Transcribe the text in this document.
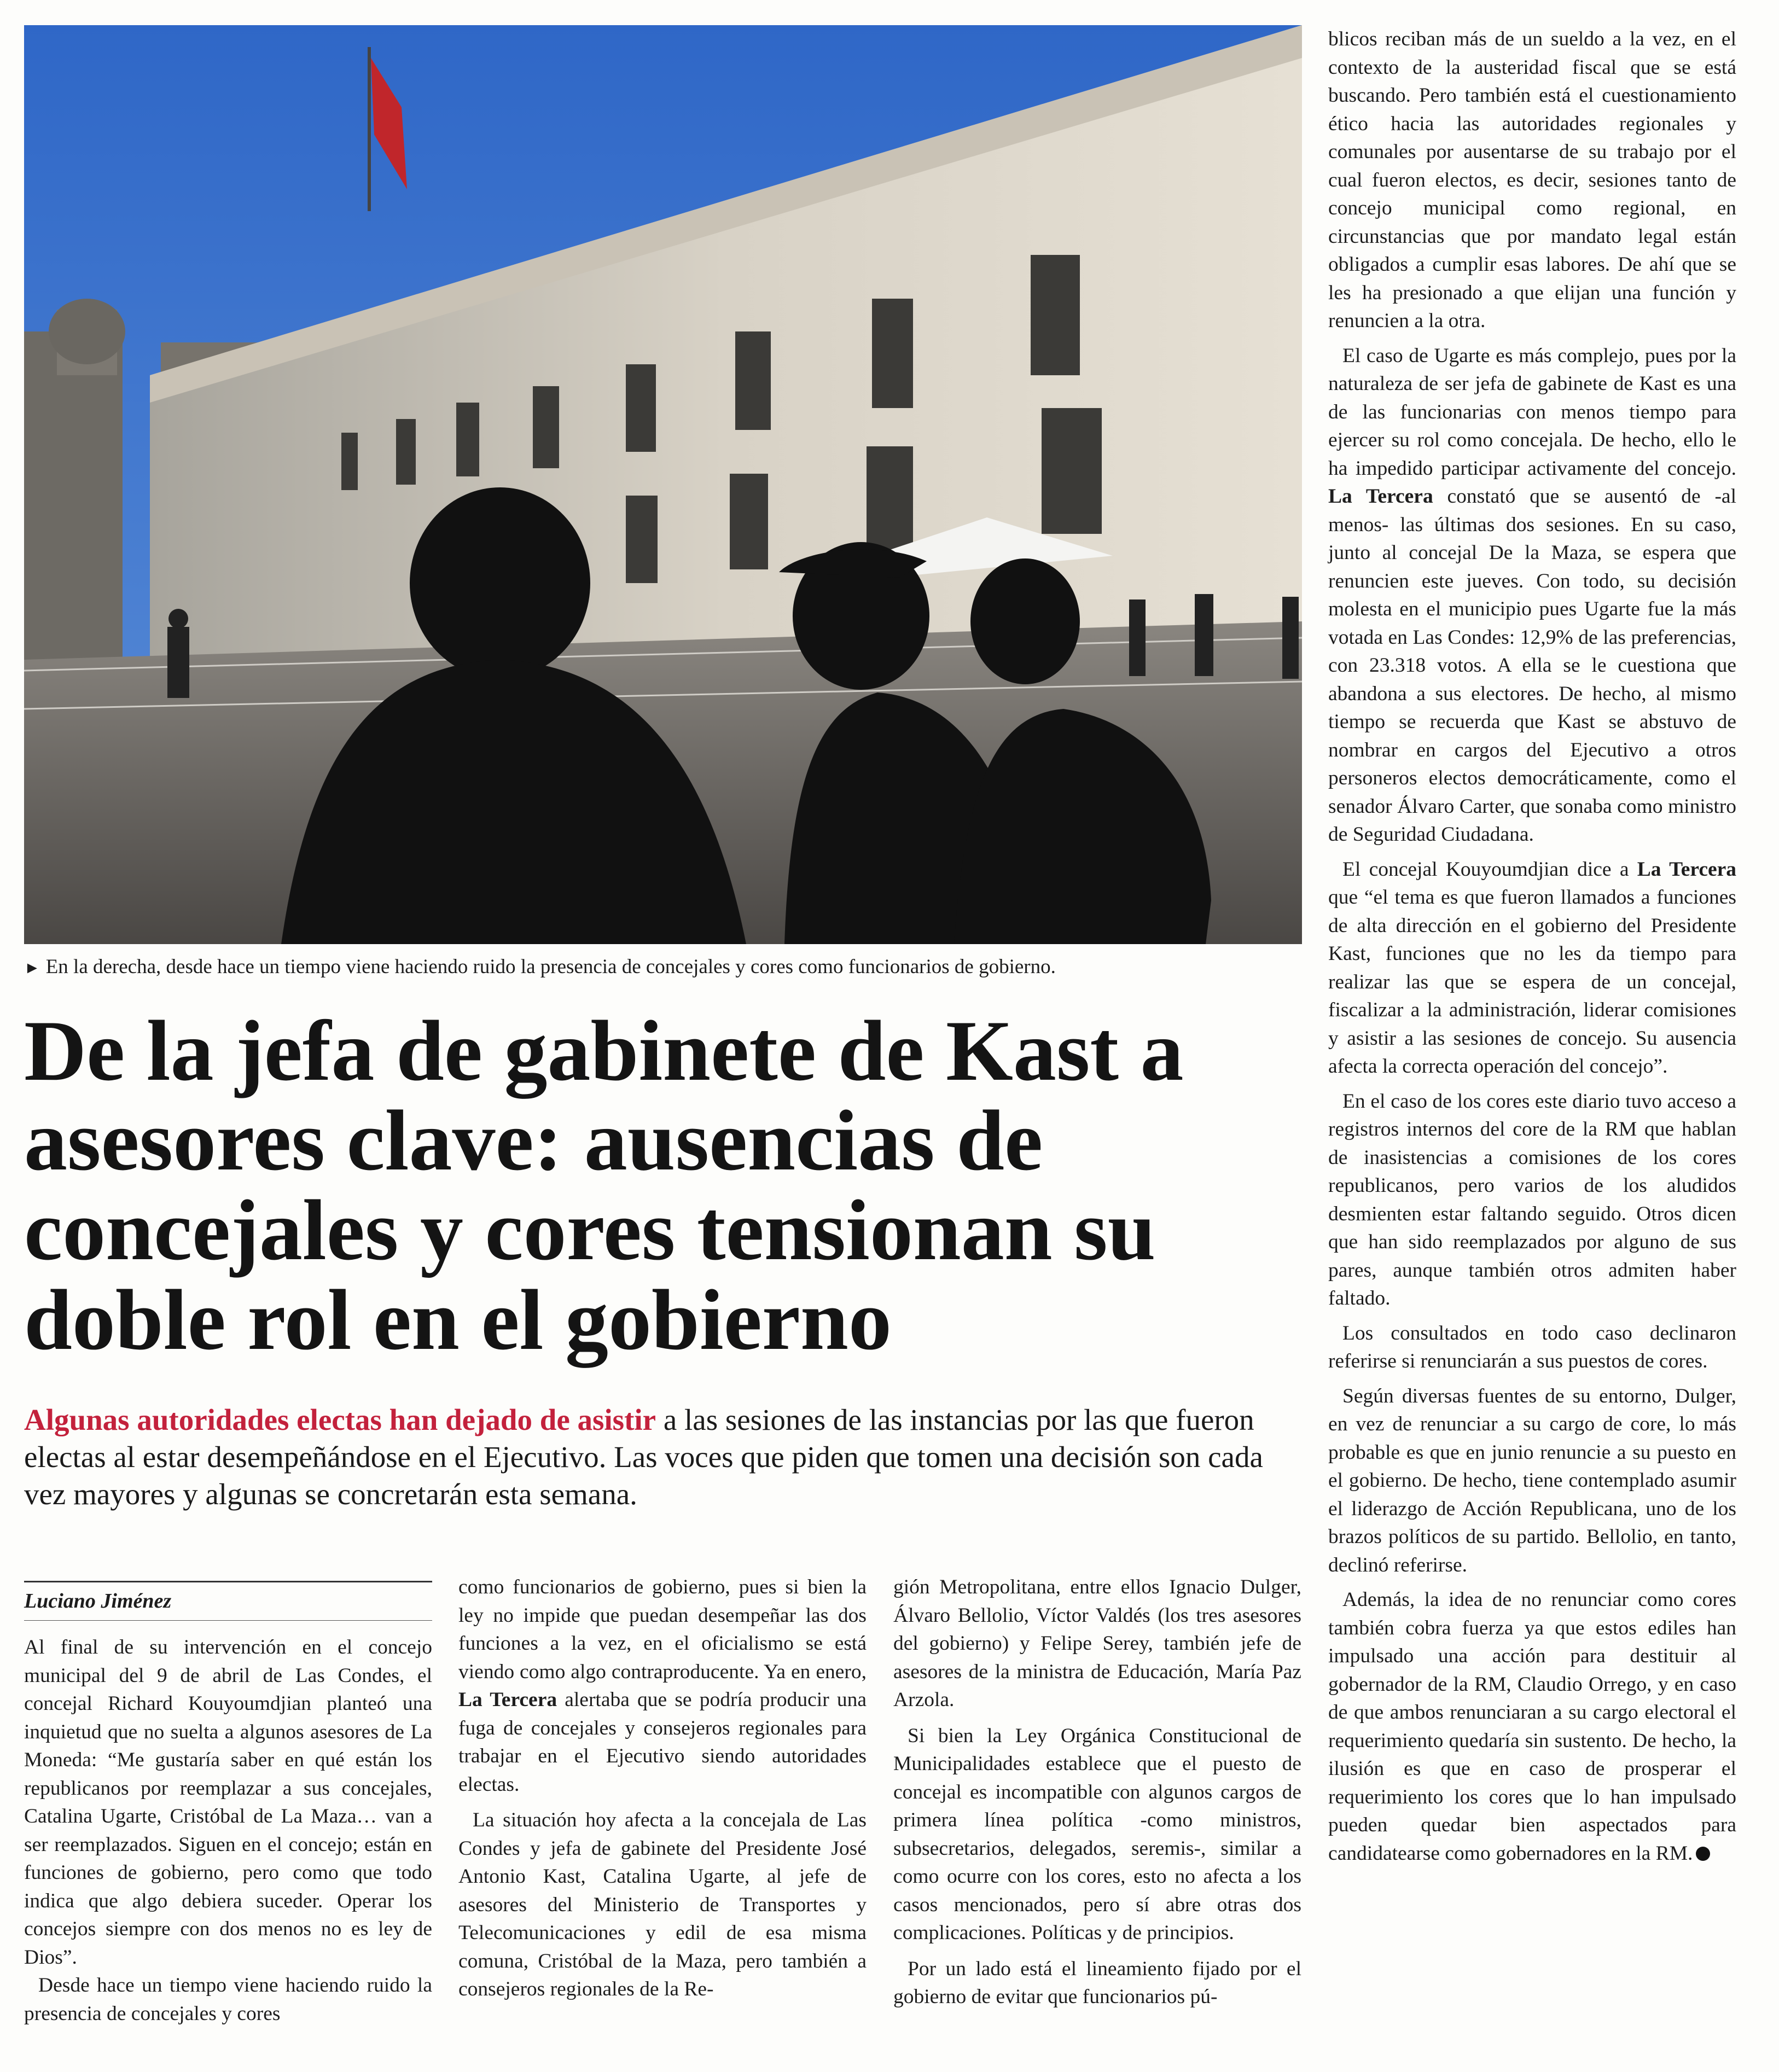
► En la derecha, desde hace un tiempo viene haciendo ruido la presencia de concejales y cores como funcionarios de gobierno.
De la jefa de gabinete de Kast a asesores clave: ausencias de concejales y cores tensionan su doble rol en el gobierno
Algunas autoridades electas han dejado de asistir a las sesiones de las instancias por las que fueron electas al estar desempeñándose en el Ejecutivo. Las voces que piden que tomen una decisión son cada vez mayores y algunas se concretarán esta semana.
Luciano Jiménez

Al final de su intervención en el concejo municipal del 9 de abril de Las Condes, el concejal Richard Kouyoumdjian planteó una inquietud que no suelta a algunos asesores de La Moneda: “Me gustaría saber en qué están los republicanos por reemplazar a sus concejales, Catalina Ugarte, Cristóbal de La Maza… van a ser reemplazados. Siguen en el concejo; están en funciones de gobierno, pero como que todo indica que algo debiera suceder. Operar los concejos siempre con dos menos no es ley de Dios”.

Desde hace un tiempo viene haciendo ruido la presencia de concejales y cores

como funcionarios de gobierno, pues si bien la ley no impide que puedan desempeñar las dos funciones a la vez, en el oficialismo se está viendo como algo contraproducente. Ya en enero, La Tercera alertaba que se podría producir una fuga de concejales y consejeros regionales para trabajar en el Ejecutivo siendo autoridades electas.

La situación hoy afecta a la concejala de Las Condes y jefa de gabinete del Presidente José Antonio Kast, Catalina Ugarte, al jefe de asesores del Ministerio de Transportes y Telecomunicaciones y edil de esa misma comuna, Cristóbal de la Maza, pero también a consejeros regionales de la Re-

gión Metropolitana, entre ellos Ignacio Dulger, Álvaro Bellolio, Víctor Valdés (los tres asesores del gobierno) y Felipe Serey, también jefe de asesores de la ministra de Educación, María Paz Arzola.

Si bien la Ley Orgánica Constitucional de Municipalidades establece que el puesto de concejal es incompatible con algunos cargos de primera línea política -como ministros, subsecretarios, delegados, seremis-, similar a como ocurre con los cores, esto no afecta a los casos mencionados, pero sí abre otras dos complicaciones. Políticas y de principios.

Por un lado está el lineamiento fijado por el gobierno de evitar que funcionarios pú-

blicos reciban más de un sueldo a la vez, en el contexto de la austeridad fiscal que se está buscando. Pero también está el cuestionamiento ético hacia las autoridades regionales y comunales por ausentarse de su trabajo por el cual fueron electos, es decir, sesiones tanto de concejo municipal como regional, en circunstancias que por mandato legal están obligados a cumplir esas labores. De ahí que se les ha presionado a que elijan una función y renuncien a la otra.

El caso de Ugarte es más complejo, pues por la naturaleza de ser jefa de gabinete de Kast es una de las funcionarias con menos tiempo para ejercer su rol como concejala. De hecho, ello le ha impedido participar activamente del concejo. La Tercera constató que se ausentó de -al menos- las últimas dos sesiones. En su caso, junto al concejal De la Maza, se espera que renuncien este jueves. Con todo, su decisión molesta en el municipio pues Ugarte fue la más votada en Las Condes: 12,9% de las preferencias, con 23.318 votos. A ella se le cuestiona que abandona a sus electores. De hecho, al mismo tiempo se recuerda que Kast se abstuvo de nombrar en cargos del Ejecutivo a otros personeros electos democráticamente, como el senador Álvaro Carter, que sonaba como ministro de Seguridad Ciudadana.

El concejal Kouyoumdjian dice a La Tercera que “el tema es que fueron llamados a funciones de alta dirección en el gobierno del Presidente Kast, funciones que no les da tiempo para realizar las que se espera de un concejal, fiscalizar a la administración, liderar comisiones y asistir a las sesiones de concejo. Su ausencia afecta la correcta operación del concejo”.

En el caso de los cores este diario tuvo acceso a registros internos del core de la RM que hablan de inasistencias a comisiones de los cores republicanos, pero varios de los aludidos desmienten estar faltando seguido. Otros dicen que han sido reemplazados por alguno de sus pares, aunque también otros admiten haber faltado.

Los consultados en todo caso declinaron referirse si renunciarán a sus puestos de cores.

Según diversas fuentes de su entorno, Dulger, en vez de renunciar a su cargo de core, lo más probable es que en junio renuncie a su puesto en el gobierno. De hecho, tiene contemplado asumir el liderazgo de Acción Republicana, uno de los brazos políticos de su partido. Bellolio, en tanto, declinó referirse.

Además, la idea de no renunciar como cores también cobra fuerza ya que estos ediles han impulsado una acción para destituir al gobernador de la RM, Claudio Orrego, y en caso de que ambos renunciaran a su cargo electoral el requerimiento quedaría sin sustento. De hecho, la ilusión es que en caso de prosperar el requerimiento los cores que lo han impulsado pueden quedar bien aspectados para candidatearse como gobernadores en la RM.
